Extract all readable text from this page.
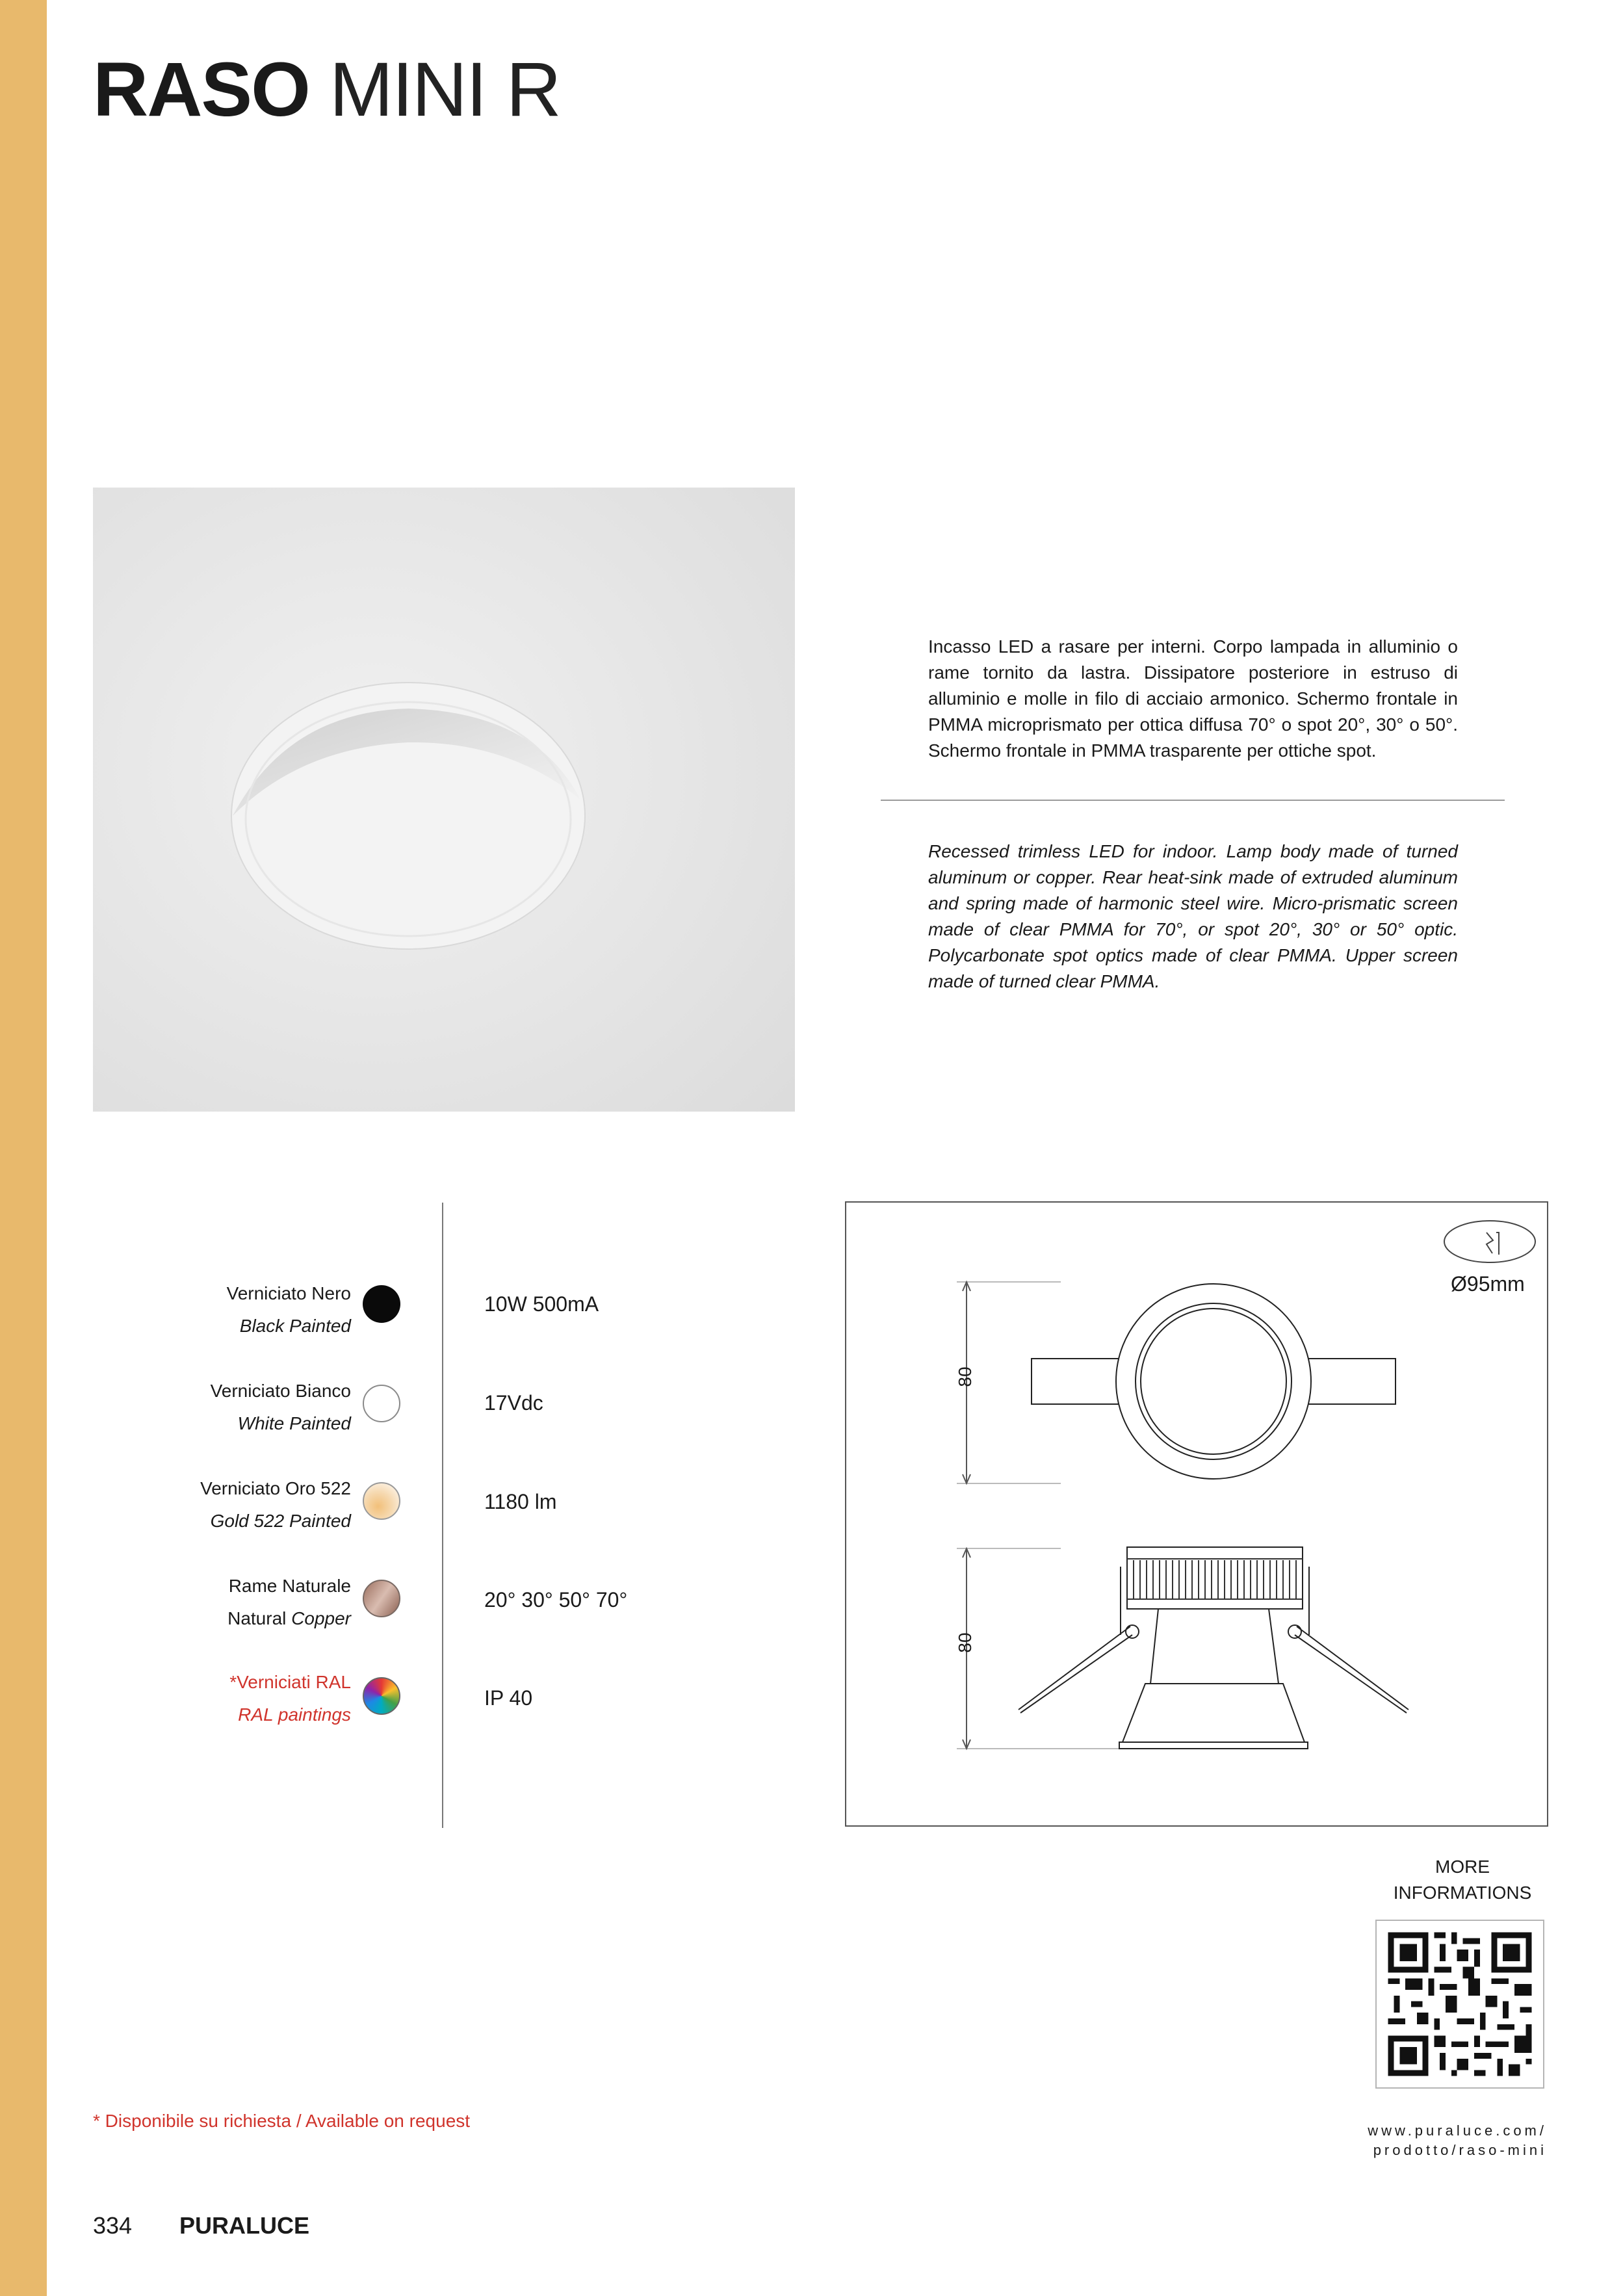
RASO MINI R

Incasso LED a rasare per interni. Corpo lampada in alluminio o rame tornito da lastra. Dissipatore posteriore in estruso di alluminio e molle in filo di acciaio armonico. Schermo frontale in PMMA microprismato per ottica diffusa 70° o spot 20°, 30° o 50°. Schermo frontale in PMMA trasparente per ottiche spot.

Recessed trimless LED for indoor. Lamp body made of turned aluminum or copper. Rear heat-sink made of extruded aluminum and spring made of harmonic steel wire. Micro-prismatic screen made of clear PMMA for 70°, or spot 20°, 30° or 50° optic. Polycarbonate spot optics made of clear PMMA. Upper screen made of turned clear PMMA.

Verniciato Nero
Black Painted
Verniciato Bianco
White Painted
Verniciato Oro 522
Gold 522 Painted
Rame Naturale
Natural Copper
*Verniciati RAL
RAL paintings
10W 500mA
17Vdc
1180 lm
20° 30° 50° 70°
IP 40
Ø95mm
80
80
MORE
INFORMATIONS
www.puraluce.com/
prodotto/raso-mini
* Disponibile su richiesta / Available on request
334 PURALUCE
